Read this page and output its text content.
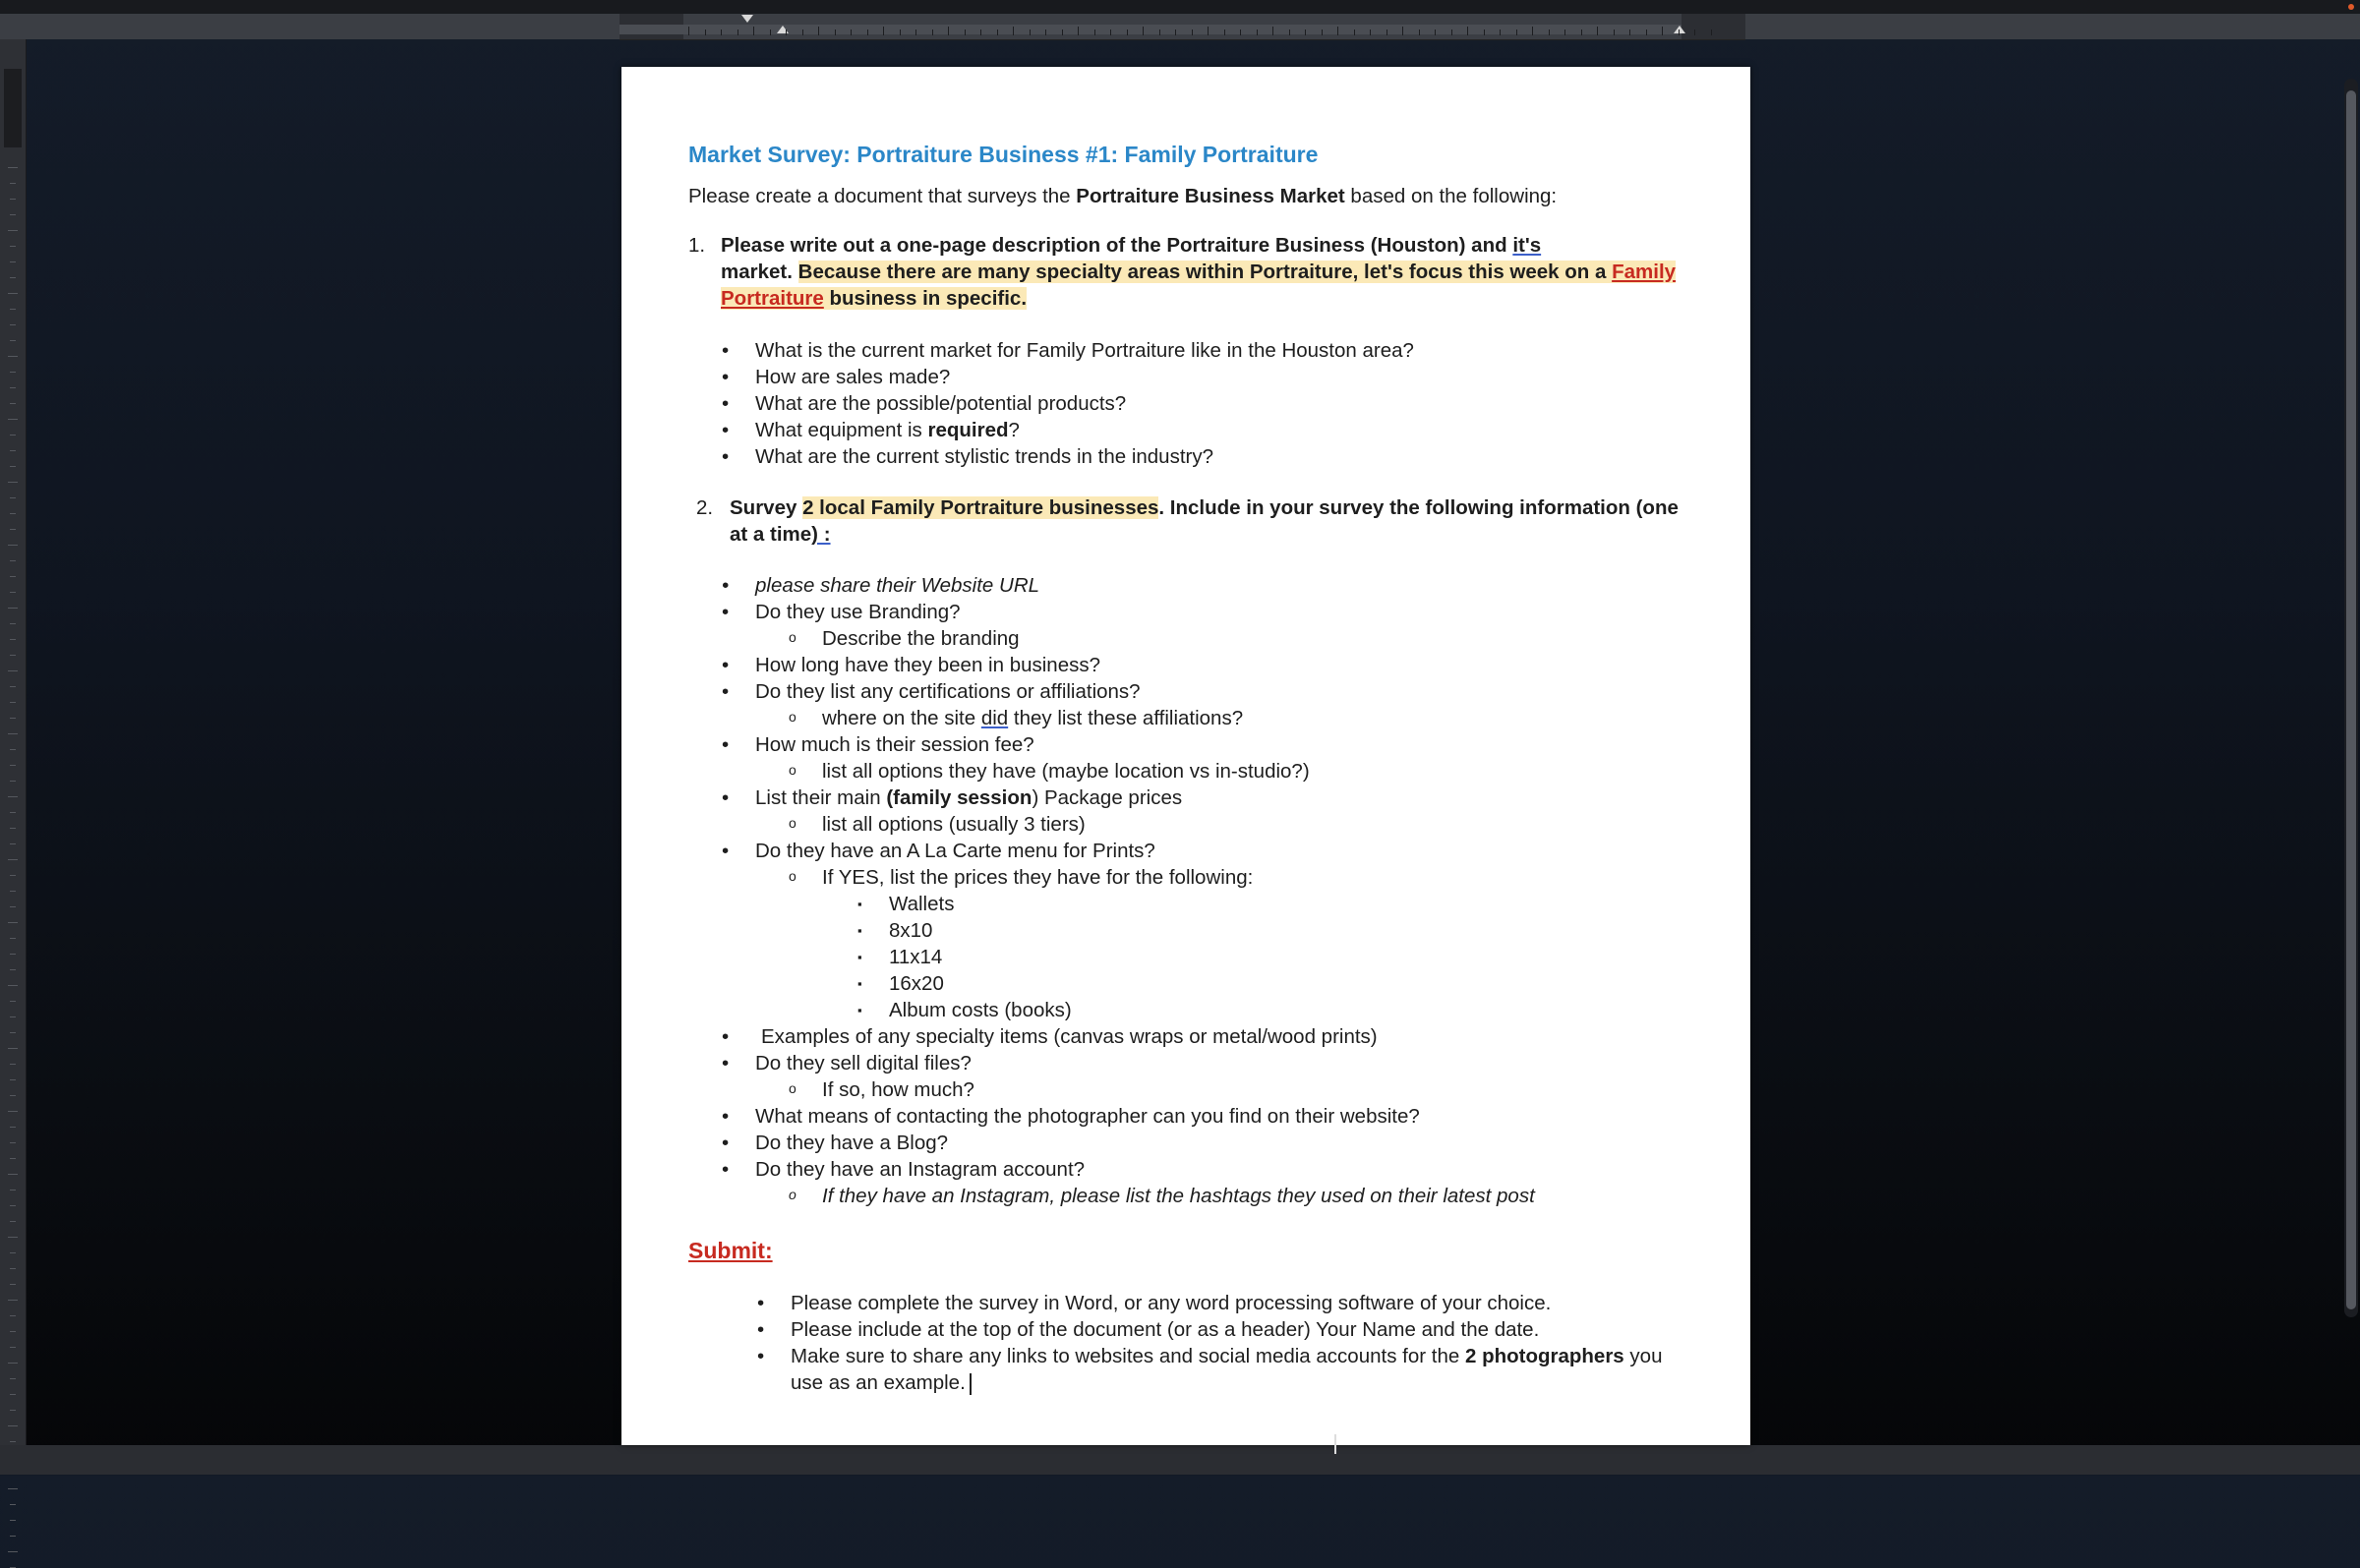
Market Survey: Portraiture Business #1: Family Portraiture
Please create a document that surveys the Portraiture Business Market based on the following:
1. Please write out a one-page description of the Portraiture Business (Houston) and it's
market. Because there are many specialty areas within Portraiture, let's focus this week on a Family Portraiture business in specific.
• What is the current market for Family Portraiture like in the Houston area?
• How are sales made?
• What are the possible/potential products?
• What equipment is required?
• What are the current stylistic trends in the industry?
2. Survey 2 local Family Portraiture businesses. Include in your survey the following information (one at a time) :
• please share their Website URL
• Do they use Branding?
o Describe the branding
• How long have they been in business?
• Do they list any certifications or affiliations?
o where on the site did they list these affiliations?
• How much is their session fee?
o list all options they have (maybe location vs in-studio?)
• List their main (family session) Package prices
o list all options (usually 3 tiers)
• Do they have an A La Carte menu for Prints?
o If YES, list the prices they have for the following:
▪ Wallets
▪ 8x10
▪ 11x14
▪ 16x20
▪ Album costs (books)
• Examples of any specialty items (canvas wraps or metal/wood prints)
• Do they sell digital files?
o If so, how much?
• What means of contacting the photographer can you find on their website?
• Do they have a Blog?
• Do they have an Instagram account?
o If they have an Instagram, please list the hashtags they used on their latest post
Submit:
• Please complete the survey in Word, or any word processing software of your choice.
• Please include at the top of the document (or as a header) Your Name and the date.
• Make sure to share any links to websites and social media accounts for the 2 photographers you use as an example.
